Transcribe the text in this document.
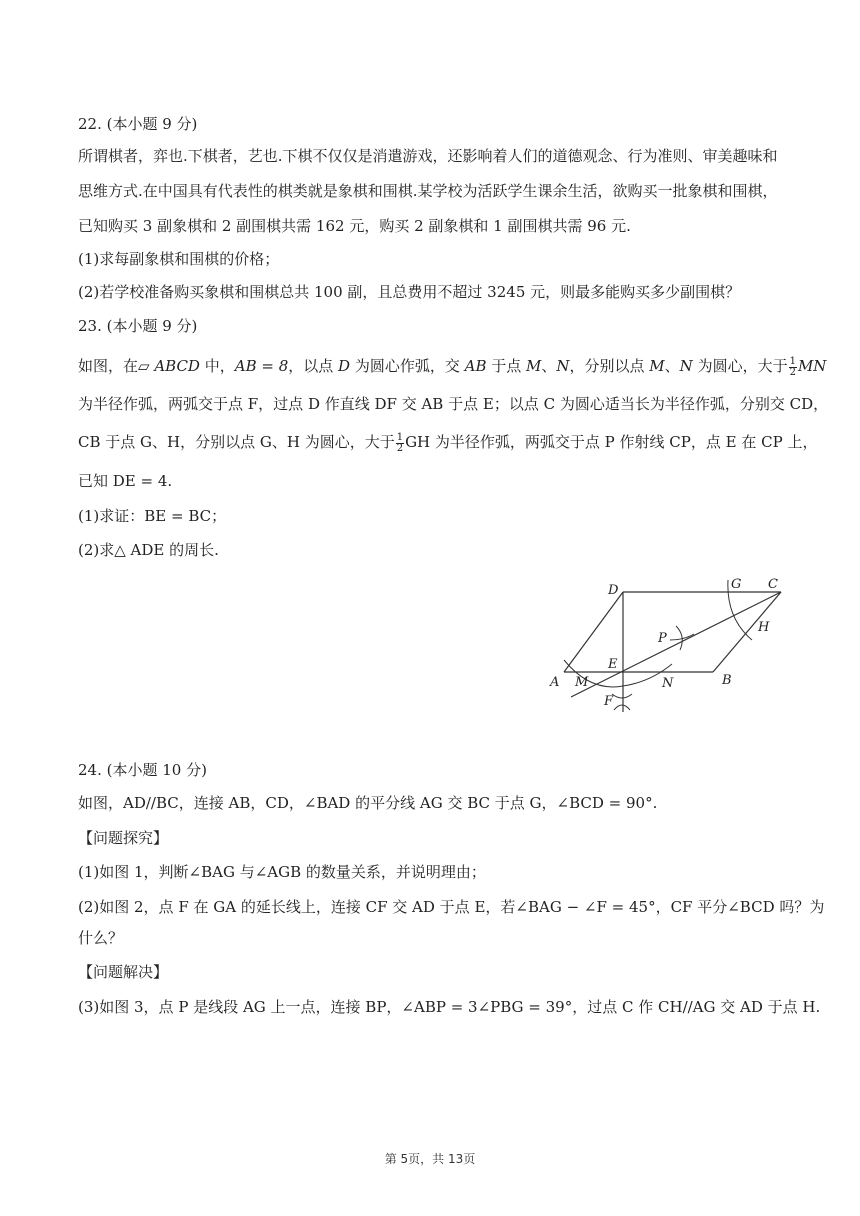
22. (本小题 9 分)
所谓棋者，弈也.下棋者，艺也.下棋不仅仅是消遣游戏，还影响着人们的道德观念、行为准则、审美趣味和
思维方式.在中国具有代表性的棋类就是象棋和围棋.某学校为活跃学生课余生活，欲购买一批象棋和围棋，
已知购买 3 副象棋和 2 副围棋共需 162 元，购买 2 副象棋和 1 副围棋共需 96 元.
(1)求每副象棋和围棋的价格；
(2)若学校准备购买象棋和围棋总共 100 副，且总费用不超过 3245 元，则最多能购买多少副围棋？
23. (本小题 9 分)
如图，在▱ ABCD 中，AB = 8，以点 D 为圆心作弧，交 AB 于点 M、N，分别以点 M、N 为圆心，大于 $\frac{1}{2}$ MN
为半径作弧，两弧交于点 F，过点 D 作直线 DF 交 AB 于点 E；以点 C 为圆心适当长为半径作弧，分别交 CD，
CB 于点 G、H，分别以点 G、H 为圆心，大于 $\frac{1}{2}$ GH 为半径作弧，两弧交于点 P 作射线 CP，点 E 在 CP 上，
已知 DE = 4.
(1)求证：BE = BC；
(2)求△ ADE 的周长.
A M
D
E
F
N	B
P
G C
H
24. (本小题 10 分)
如图，AD//BC，连接 AB，CD，∠BAD 的平分线 AG 交 BC 于点 G，∠BCD = 90°.
【问题探究】
(1)如图 1，判断∠BAG 与∠AGB 的数量关系，并说明理由；
(2)如图 2，点 F 在 GA 的延长线上，连接 CF 交 AD 于点 E，若∠BAG − ∠F = 45°，CF 平分∠BCD 吗？为
什么？
【问题解决】
(3)如图 3，点 P 是线段 AG 上一点，连接 BP，∠ABP = 3∠PBG = 39°，过点 C 作 CH//AG 交 AD 于点 H.
第 5页，共 13页
